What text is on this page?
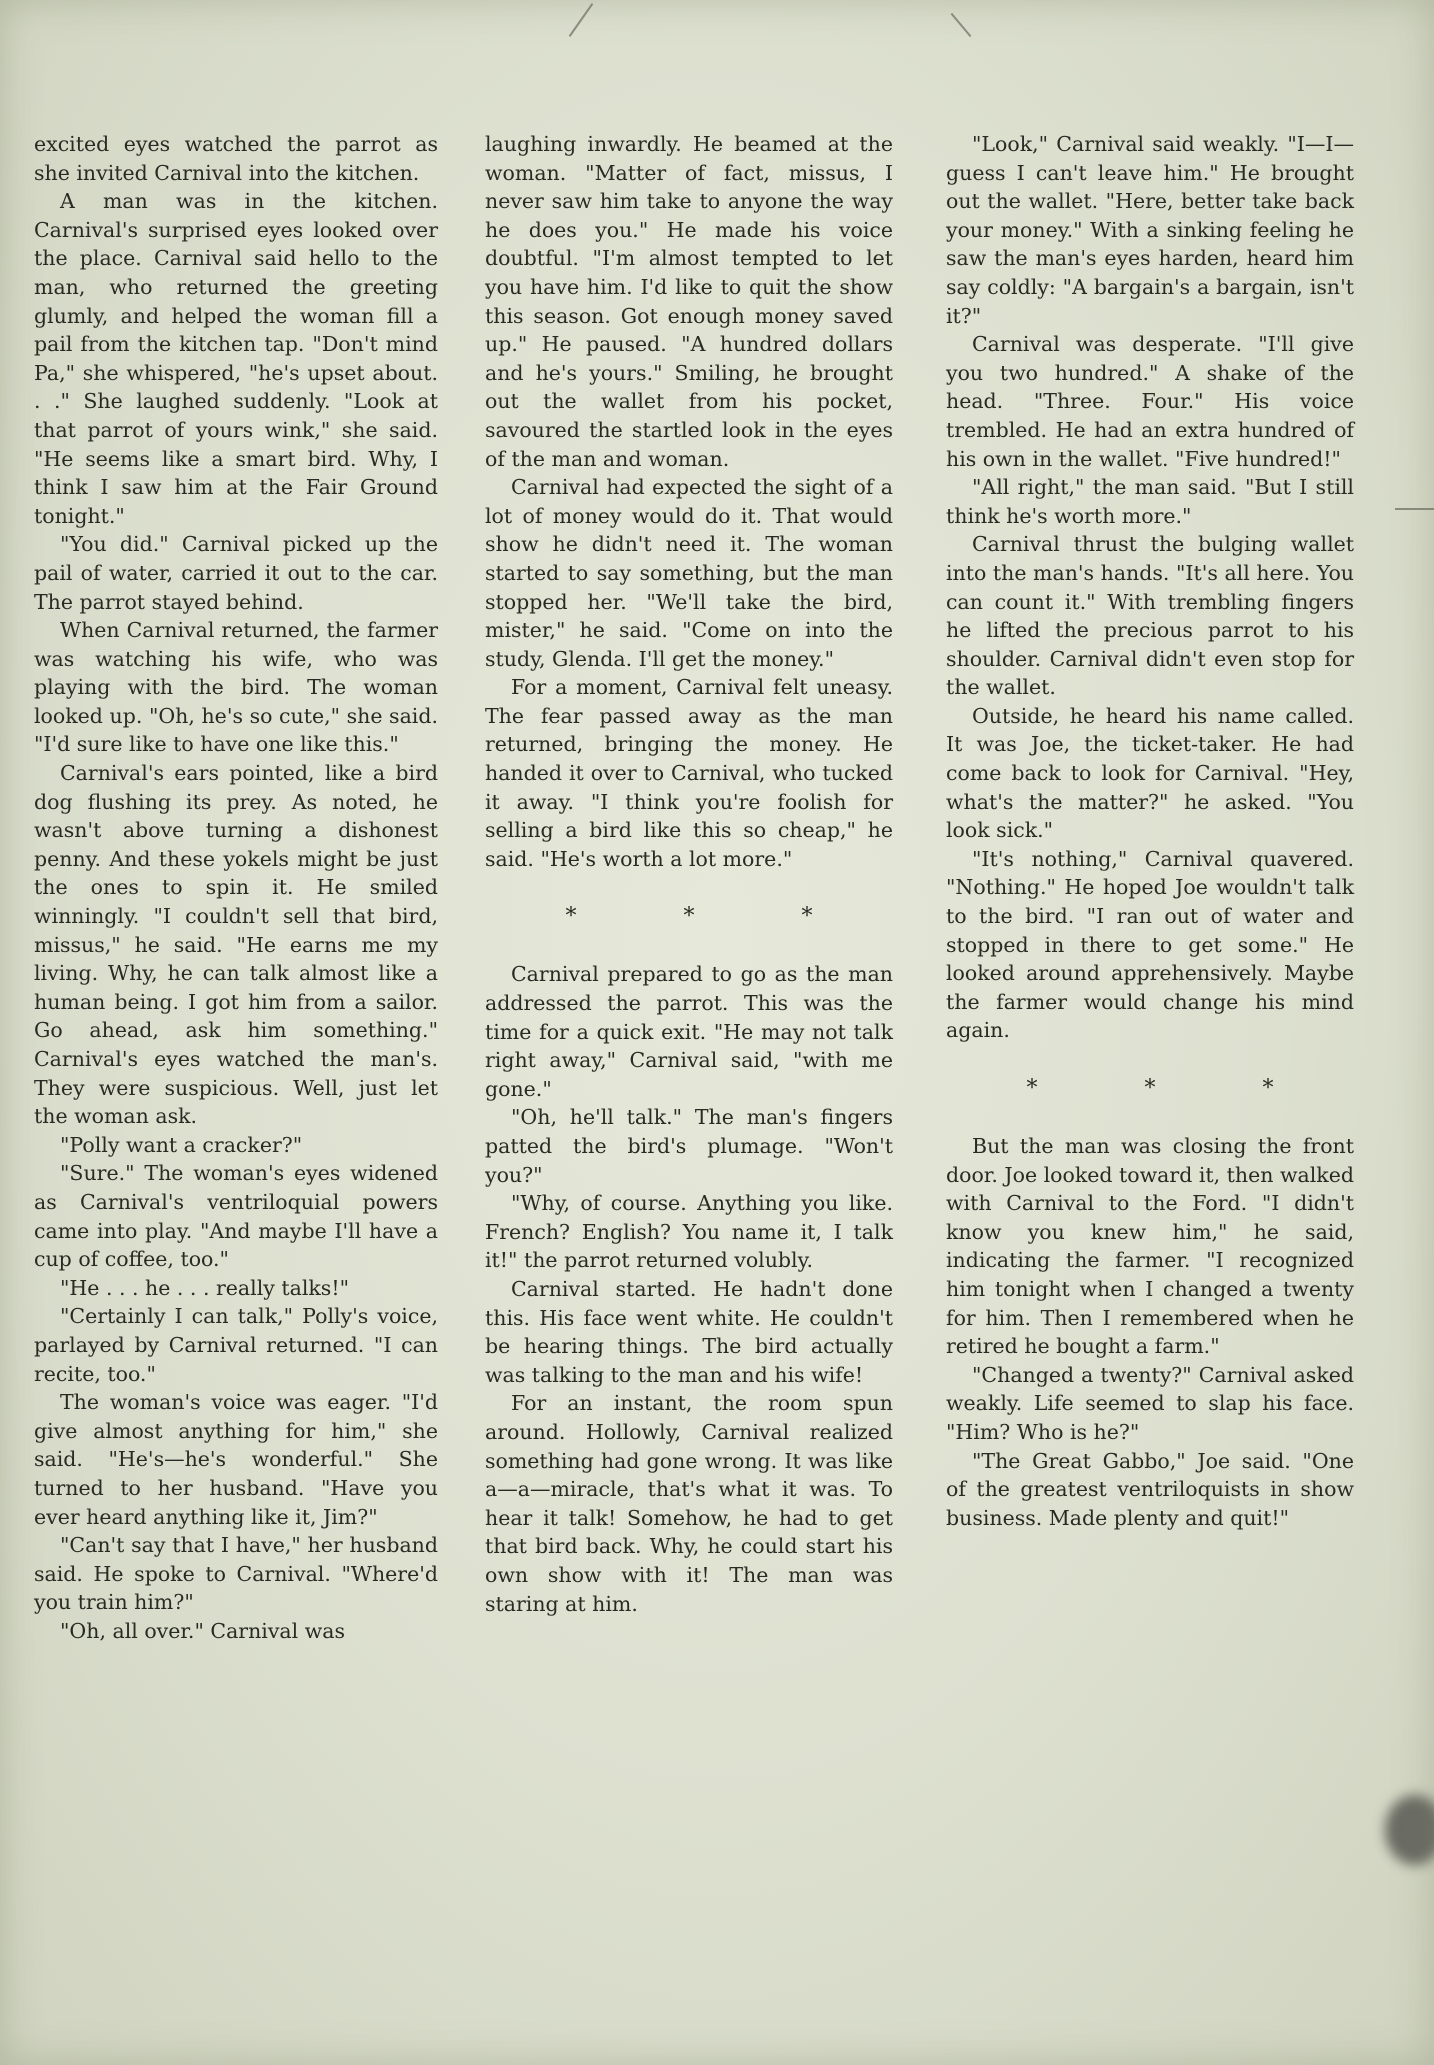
excited eyes watched the parrot as she invited Carnival into the kitchen.

A man was in the kitchen. Carnival's surprised eyes looked over the place. Carnival said hello to the man, who returned the greeting glumly, and helped the woman fill a pail from the kitchen tap. "Don't mind Pa," she whispered, "he's upset about. . ." She laughed suddenly. "Look at that parrot of yours wink," she said. "He seems like a smart bird. Why, I think I saw him at the Fair Ground tonight."

"You did." Carnival picked up the pail of water, carried it out to the car. The parrot stayed behind.

When Carnival returned, the farmer was watching his wife, who was playing with the bird. The woman looked up. "Oh, he's so cute," she said. "I'd sure like to have one like this."

Carnival's ears pointed, like a bird dog flushing its prey. As noted, he wasn't above turning a dishonest penny. And these yokels might be just the ones to spin it. He smiled winningly. "I couldn't sell that bird, missus," he said. "He earns me my living. Why, he can talk almost like a human being. I got him from a sailor. Go ahead, ask him something." Carnival's eyes watched the man's. They were suspicious. Well, just let the woman ask.

"Polly want a cracker?"

"Sure." The woman's eyes widened as Carnival's ventriloquial powers came into play. "And maybe I'll have a cup of coffee, too."

"He . . . he . . . really talks!"

"Certainly I can talk," Polly's voice, parlayed by Carnival returned. "I can recite, too."

The woman's voice was eager. "I'd give almost anything for him," she said. "He's—he's wonderful." She turned to her husband. "Have you ever heard anything like it, Jim?"

"Can't say that I have," her husband said. He spoke to Carnival. "Where'd you train him?"

"Oh, all over." Carnival was

laughing inwardly. He beamed at the woman. "Matter of fact, missus, I never saw him take to anyone the way he does you." He made his voice doubtful. "I'm almost tempted to let you have him. I'd like to quit the show this season. Got enough money saved up." He paused. "A hundred dollars and he's yours." Smiling, he brought out the wallet from his pocket, savoured the startled look in the eyes of the man and woman.

Carnival had expected the sight of a lot of money would do it. That would show he didn't need it. The woman started to say something, but the man stopped her. "We'll take the bird, mister," he said. "Come on into the study, Glenda. I'll get the money."

For a moment, Carnival felt uneasy. The fear passed away as the man returned, bringing the money. He handed it over to Carnival, who tucked it away. "I think you're foolish for selling a bird like this so cheap," he said. "He's worth a lot more."

* * *

Carnival prepared to go as the man addressed the parrot. This was the time for a quick exit. "He may not talk right away," Carnival said, "with me gone."

"Oh, he'll talk." The man's fingers patted the bird's plumage. "Won't you?"

"Why, of course. Anything you like. French? English? You name it, I talk it!" the parrot returned volubly.

Carnival started. He hadn't done this. His face went white. He couldn't be hearing things. The bird actually was talking to the man and his wife!

For an instant, the room spun around. Hollowly, Carnival realized something had gone wrong. It was like a—a—miracle, that's what it was. To hear it talk! Somehow, he had to get that bird back. Why, he could start his own show with it! The man was staring at him.

"Look," Carnival said weakly. "I—I—guess I can't leave him." He brought out the wallet. "Here, better take back your money." With a sinking feeling he saw the man's eyes harden, heard him say coldly: "A bargain's a bargain, isn't it?"

Carnival was desperate. "I'll give you two hundred." A shake of the head. "Three. Four." His voice trembled. He had an extra hundred of his own in the wallet. "Five hundred!"

"All right," the man said. "But I still think he's worth more."

Carnival thrust the bulging wallet into the man's hands. "It's all here. You can count it." With trembling fingers he lifted the precious parrot to his shoulder. Carnival didn't even stop for the wallet.

Outside, he heard his name called. It was Joe, the ticket-taker. He had come back to look for Carnival. "Hey, what's the matter?" he asked. "You look sick."

"It's nothing," Carnival quavered. "Nothing." He hoped Joe wouldn't talk to the bird. "I ran out of water and stopped in there to get some." He looked around apprehensively. Maybe the farmer would change his mind again.

* * *

But the man was closing the front door. Joe looked toward it, then walked with Carnival to the Ford. "I didn't know you knew him," he said, indicating the farmer. "I recognized him tonight when I changed a twenty for him. Then I remembered when he retired he bought a farm."

"Changed a twenty?" Carnival asked weakly. Life seemed to slap his face. "Him? Who is he?"

"The Great Gabbo," Joe said. "One of the greatest ventriloquists in show business. Made plenty and quit!"
